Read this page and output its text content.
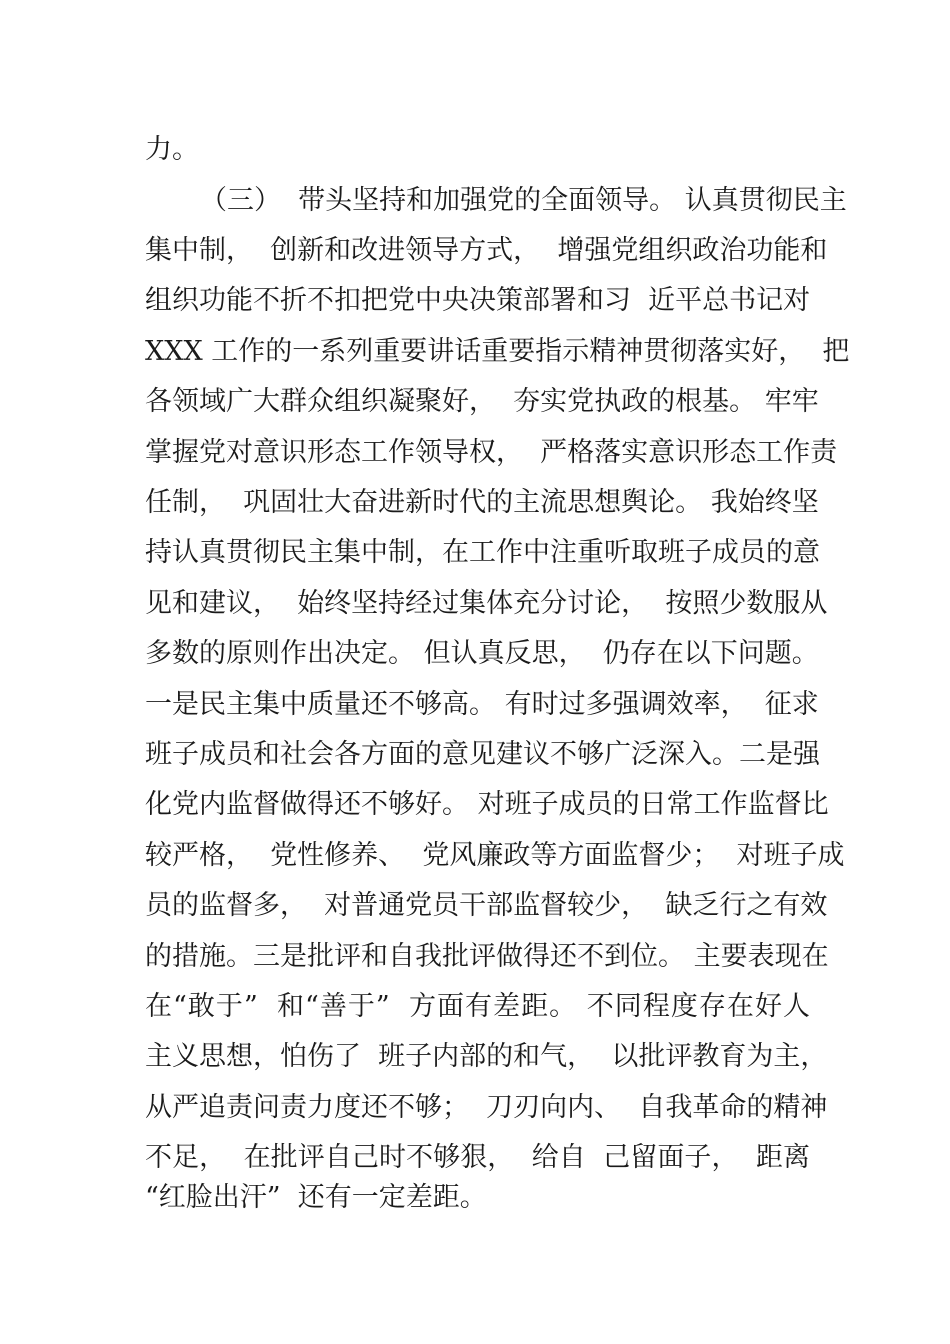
力。
（三）  带头坚持和加强党的全面领导。 认真贯彻民主
集中制，  创新和改进领导方式，  增强党组织政治功能和
组织功能不折不扣把党中央决策部署和习  近平总书记对
XXX 工作的一系列重要讲话重要指示精神贯彻落实好，  把
各领域广大群众组织凝聚好，  夯实党执政的根基。 牢牢
掌握党对意识形态工作领导权，  严格落实意识形态工作责
任制，  巩固壮大奋进新时代的主流思想舆论。 我始终坚
持认真贯彻民主集中制，在工作中注重听取班子成员的意
见和建议，  始终坚持经过集体充分讨论，  按照少数服从
多数的原则作出决定。 但认真反思，  仍存在以下问题。
一是民主集中质量还不够高。 有时过多强调效率，  征求
班子成员和社会各方面的意见建议不够广泛深入。二是强
化党内监督做得还不够好。 对班子成员的日常工作监督比
较严格，  党性修养、  党风廉政等方面监督少；  对班子成
员的监督多，  对普通党员干部监督较少，  缺乏行之有效
的措施。三是批评和自我批评做得还不到位。 主要表现在
在“敢于”  和“善于”  方面有差距。 不同程度存在好人
主义思想，怕伤了  班子内部的和气，  以批评教育为主，
从严追责问责力度还不够；  刀刃向内、  自我革命的精神
不足，  在批评自己时不够狠，  给自  己留面子，  距离
“红脸出汗”  还有一定差距。
